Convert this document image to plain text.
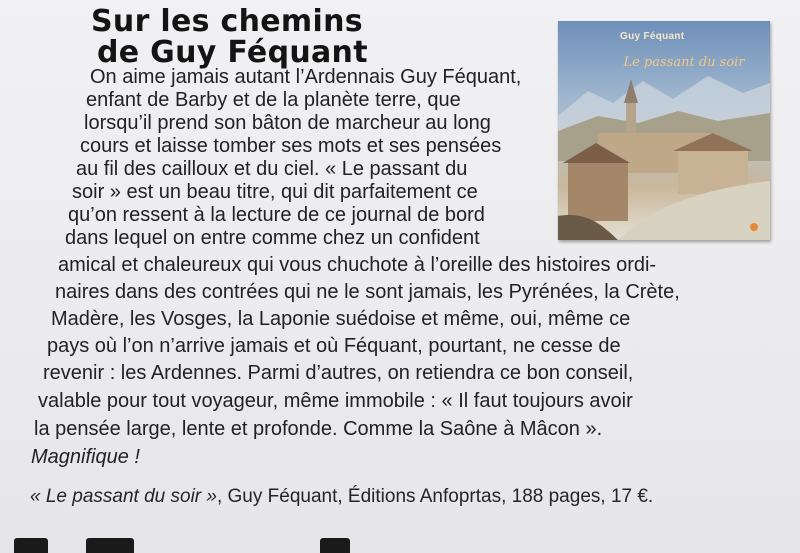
Sur les chemins
de Guy Féquant
On aime jamais autant l’Ardennais Guy Féquant,
enfant de Barby et de la planète terre, que
lorsqu’il prend son bâton de marcheur au long
cours et laisse tomber ses mots et ses pensées
au fil des cailloux et du ciel. « Le passant du
soir » est un beau titre, qui dit parfaitement ce
qu’on ressent à la lecture de ce journal de bord
dans lequel on entre comme chez un confident
amical et chaleureux qui vous chuchote à l’oreille des histoires ordi-
naires dans des contrées qui ne le sont jamais, les Pyrénées, la Crète,
Madère, les Vosges, la Laponie suédoise et même, oui, même ce
pays où l’on n’arrive jamais et où Féquant, pourtant, ne cesse de
revenir : les Ardennes. Parmi d’autres, on retiendra ce bon conseil,
valable pour tout voyageur, même immobile : « Il faut toujours avoir
la pensée large, lente et profonde. Comme la Saône à Mâcon ».
Magnifique !
« Le passant du soir », Guy Féquant, Éditions Anfoprtas, 188 pages, 17 €.
Guy Féquant
Le passant du soir
